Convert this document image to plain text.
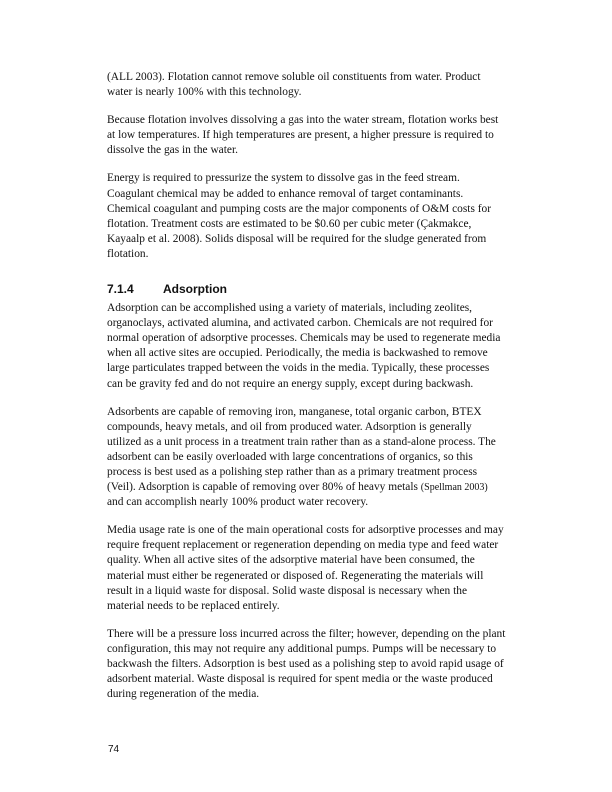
(ALL 2003). Flotation cannot remove soluble oil constituents from water. Product water is nearly 100% with this technology.

Because flotation involves dissolving a gas into the water stream, flotation works best at low temperatures. If high temperatures are present, a higher pressure is required to dissolve the gas in the water.

Energy is required to pressurize the system to dissolve gas in the feed stream. Coagulant chemical may be added to enhance removal of target contaminants. Chemical coagulant and pumping costs are the major components of O&M costs for flotation. Treatment costs are estimated to be $0.60 per cubic meter (Çakmakce, Kayaalp et al. 2008). Solids disposal will be required for the sludge generated from flotation.

7.1.4 Adsorption

Adsorption can be accomplished using a variety of materials, including zeolites, organoclays, activated alumina, and activated carbon. Chemicals are not required for normal operation of adsorptive processes. Chemicals may be used to regenerate media when all active sites are occupied. Periodically, the media is backwashed to remove large particulates trapped between the voids in the media. Typically, these processes can be gravity fed and do not require an energy supply, except during backwash.

Adsorbents are capable of removing iron, manganese, total organic carbon, BTEX compounds, heavy metals, and oil from produced water. Adsorption is generally utilized as a unit process in a treatment train rather than as a stand-alone process. The adsorbent can be easily overloaded with large concentrations of organics, so this process is best used as a polishing step rather than as a primary treatment process (Veil). Adsorption is capable of removing over 80% of heavy metals (Spellman 2003) and can accomplish nearly 100% product water recovery.

Media usage rate is one of the main operational costs for adsorptive processes and may require frequent replacement or regeneration depending on media type and feed water quality. When all active sites of the adsorptive material have been consumed, the material must either be regenerated or disposed of. Regenerating the materials will result in a liquid waste for disposal. Solid waste disposal is necessary when the material needs to be replaced entirely.

There will be a pressure loss incurred across the filter; however, depending on the plant configuration, this may not require any additional pumps. Pumps will be necessary to backwash the filters. Adsorption is best used as a polishing step to avoid rapid usage of adsorbent material. Waste disposal is required for spent media or the waste produced during regeneration of the media.

74
